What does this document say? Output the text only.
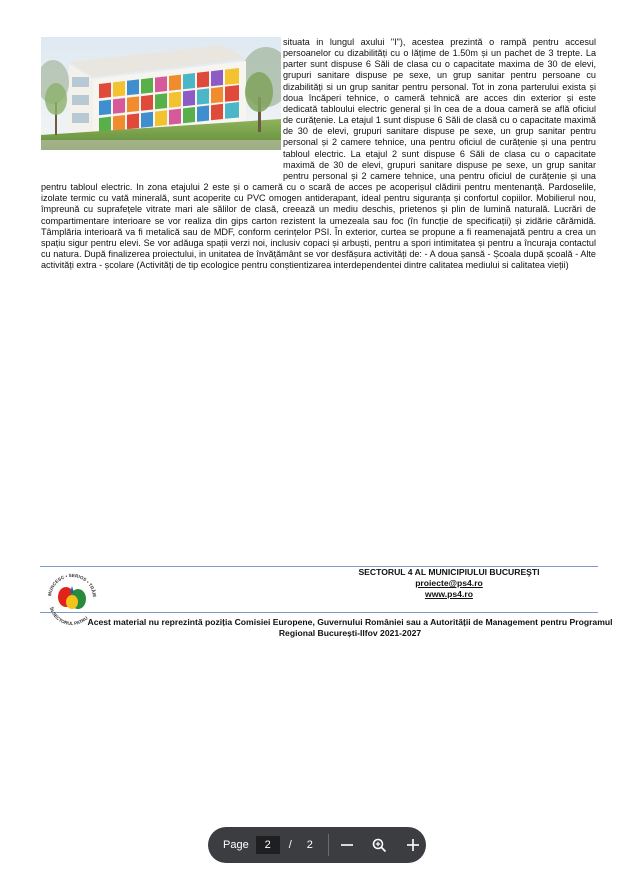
situata in lungul axului "I"), acestea prezintă o rampă pentru accesul persoanelor cu dizabilități cu o lățime de 1.50m și un pachet de 3 trepte. La parter sunt dispuse 6 Săli de clasa cu o capacitate maxima de 30 de elevi, grupuri sanitare dispuse pe sexe, un grup sanitar pentru persoane cu dizabilități si un grup sanitar pentru personal. Tot in zona parterului exista și doua încăperi tehnice, o cameră tehnică are acces din exterior și este dedicată tabloului electric general și în cea de a doua cameră se află oficiul de curățenie. La etajul 1 sunt dispuse 6 Săli de clasă cu o capacitate maximă de 30 de elevi, grupuri sanitare dispuse pe sexe, un grup sanitar pentru personal și 2 camere tehnice, una pentru oficiul de curățenie și una pentru tabloul electric. La etajul 2 sunt dispuse 6 Săli de clasa cu o capacitate maximă de 30 de elevi, grupuri sanitare dispuse pe sexe, un grup sanitar pentru personal și 2 camere tehnice, una pentru oficiul de curățenie și una pentru tabloul electric. In zona etajului 2 este și o cameră cu o scară de acces pe acoperișul clădirii pentru mentenanță. Pardoselile, izolate termic cu vată minerală, sunt acoperite cu PVC omogen antiderapant, ideal pentru siguranța și confortul copiilor. Mobilierul nou, împreună cu suprafețele vitrate mari ale sălilor de clasă, creează un mediu deschis, prietenos și plin de lumină naturală. Lucrări de compartimentare interioare se vor realiza din gips carton rezistent la umezeala sau foc (în funcție de specificații) și zidărie cărămidă. Tâmplăria interioară va fi metalică sau de MDF, conform cerințelor PSI. În exterior, curtea se propune a fi reamenajată pentru a crea un spațiu sigur pentru elevi. Se vor adăuga spații verzi noi, inclusiv copaci și arbuști, pentru a spori intimitatea și pentru a încuraja contactul cu natura. După finalizerea proiectului, in unitatea de învățământ se vor desfășura activități de: - A doua șansă - Școala după școală - Alte activități extra - școlare (Activități de tip ecologice pentru conștientizarea interdependentei dintre calitatea mediului si calitatea vieții)
MUNCESC • SERIOS • TRĂIE
ÎN SECTORUL PATRU
SECTORUL 4 AL MUNICIPIULUI BUCUREŞTI
proiecte@ps4.ro
www.ps4.ro
Acest material nu reprezintă poziția Comisiei Europene, Guvernului României sau a Autorității de Management pentru Programul Regional București-Ilfov 2021-2027
Page	2	/ 2
